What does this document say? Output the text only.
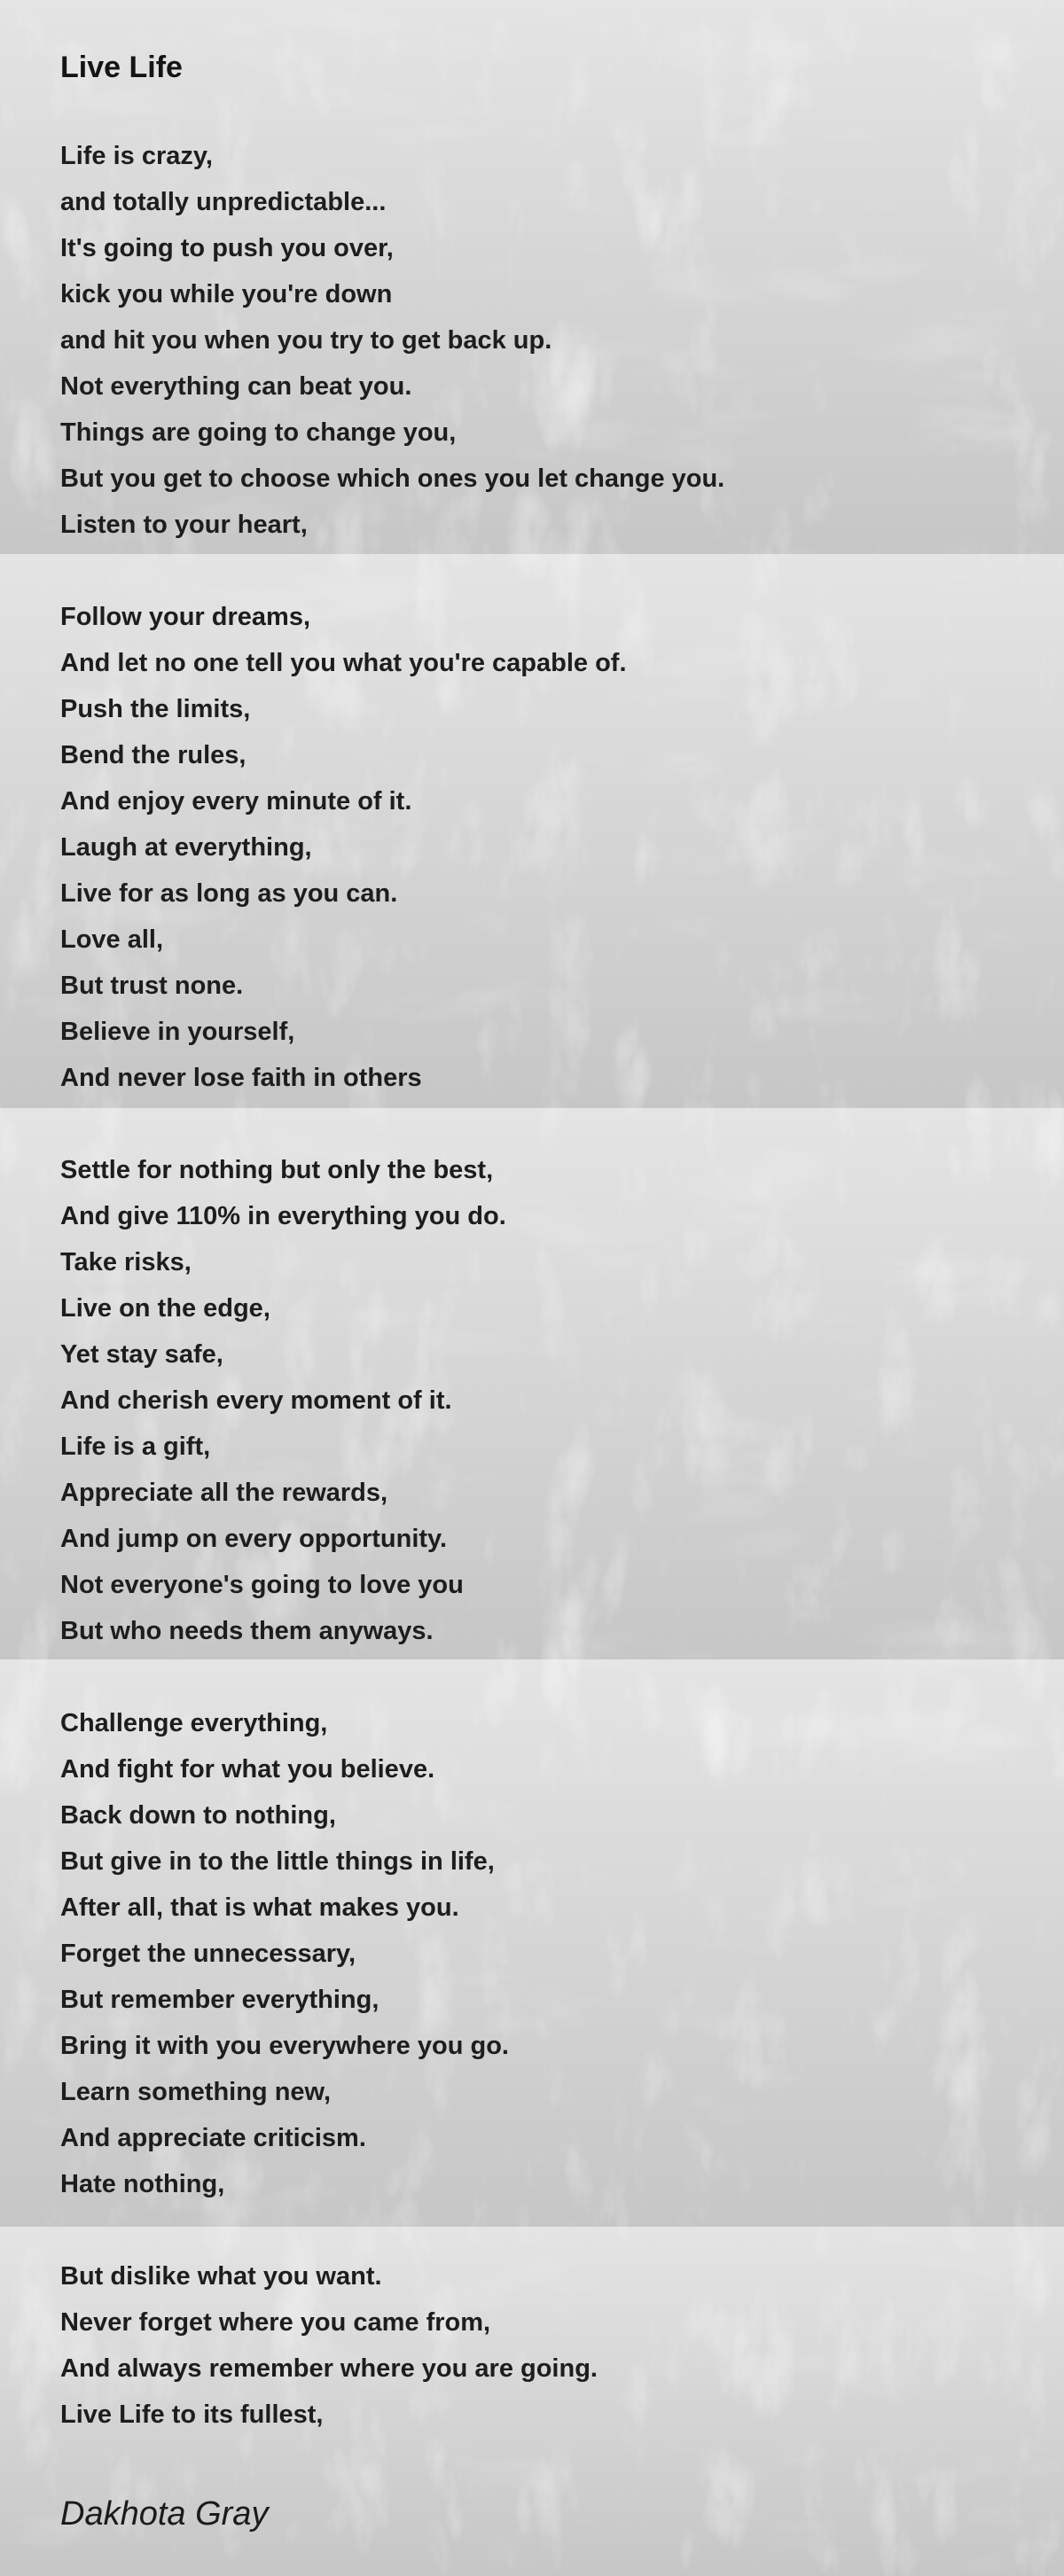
Live Life

Life is crazy,
and totally unpredictable...
It's going to push you over,
kick you while you're down
and hit you when you try to get back up.
Not everything can beat you.
Things are going to change you,
But you get to choose which ones you let change you.
Listen to your heart,

Follow your dreams,
And let no one tell you what you're capable of.
Push the limits,
Bend the rules,
And enjoy every minute of it.
Laugh at everything,
Live for as long as you can.
Love all,
But trust none.
Believe in yourself,
And never lose faith in others

Settle for nothing but only the best,
And give 110% in everything you do.
Take risks,
Live on the edge,
Yet stay safe,
And cherish every moment of it.
Life is a gift,
Appreciate all the rewards,
And jump on every opportunity.
Not everyone's going to love you
But who needs them anyways.

Challenge everything,
And fight for what you believe.
Back down to nothing,
But give in to the little things in life,
After all, that is what makes you.
Forget the unnecessary,
But remember everything,
Bring it with you everywhere you go.
Learn something new,
And appreciate criticism.
Hate nothing,

But dislike what you want.
Never forget where you came from,
And always remember where you are going.
Live Life to its fullest,

Dakhota Gray
